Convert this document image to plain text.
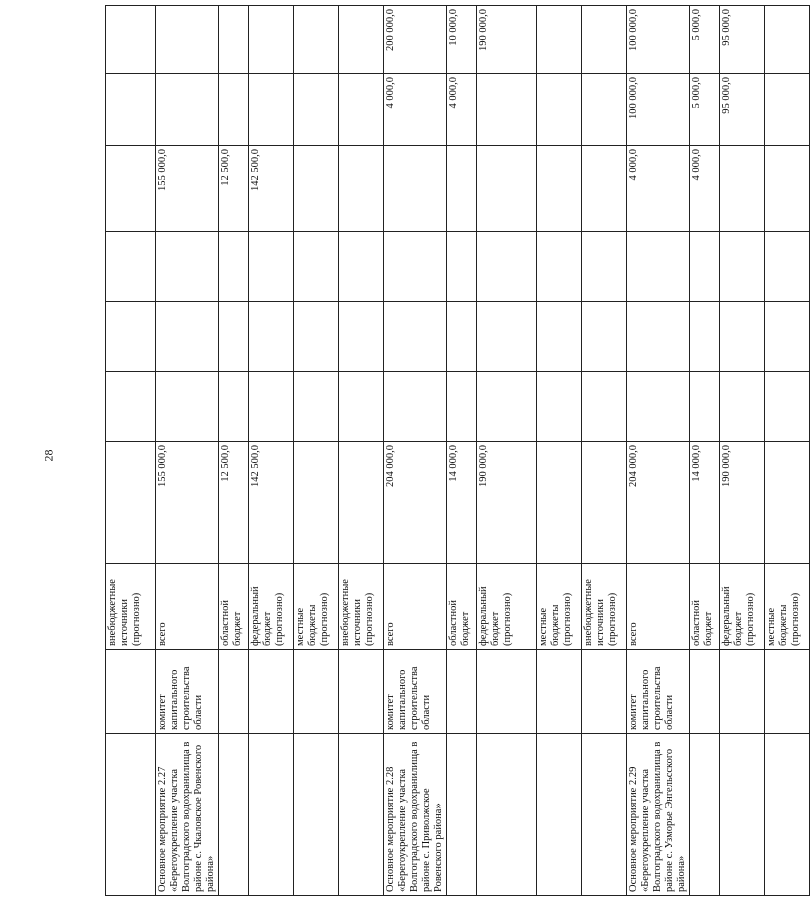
28
		внебюджетные источники (прогнозно)							
Основное мероприятие 2.27 «Берегоукрепление участка Волгоградского водохранилища в районе с. Чкаловское Ровенского района»	комитет капитального строительства области	всего	155 000,0				155 000,0		
		областной бюджет	12 500,0				12 500,0		
		федеральный бюджет (прогнозно)	142 500,0				142 500,0		
		местные бюджеты (прогнозно)							
		внебюджетные источники (прогнозно)							
Основное мероприятие 2.28 «Берегоукрепление участка Волгоградского водохранилища в районе с. Приволжское Ровенского района»	комитет капитального строительства области	всего	204 000,0					4 000,0	200 000,0
		областной бюджет	14 000,0					4 000,0	10 000,0
		федеральный бюджет (прогнозно)	190 000,0						190 000,0
		местные бюджеты (прогнозно)							
		внебюджетные источники (прогнозно)							
Основное мероприятие 2.29 «Берегоукрепление участка Волгоградского водохранилища в районе с. Узморье Энгельсского района»	комитет капитального строительства области	всего	204 000,0				4 000,0	100 000,0	100 000,0
		областной бюджет	14 000,0				4 000,0	5 000,0	5 000,0
		федеральный бюджет (прогнозно)	190 000,0					95 000,0	95 000,0
		местные бюджеты (прогнозно)							
